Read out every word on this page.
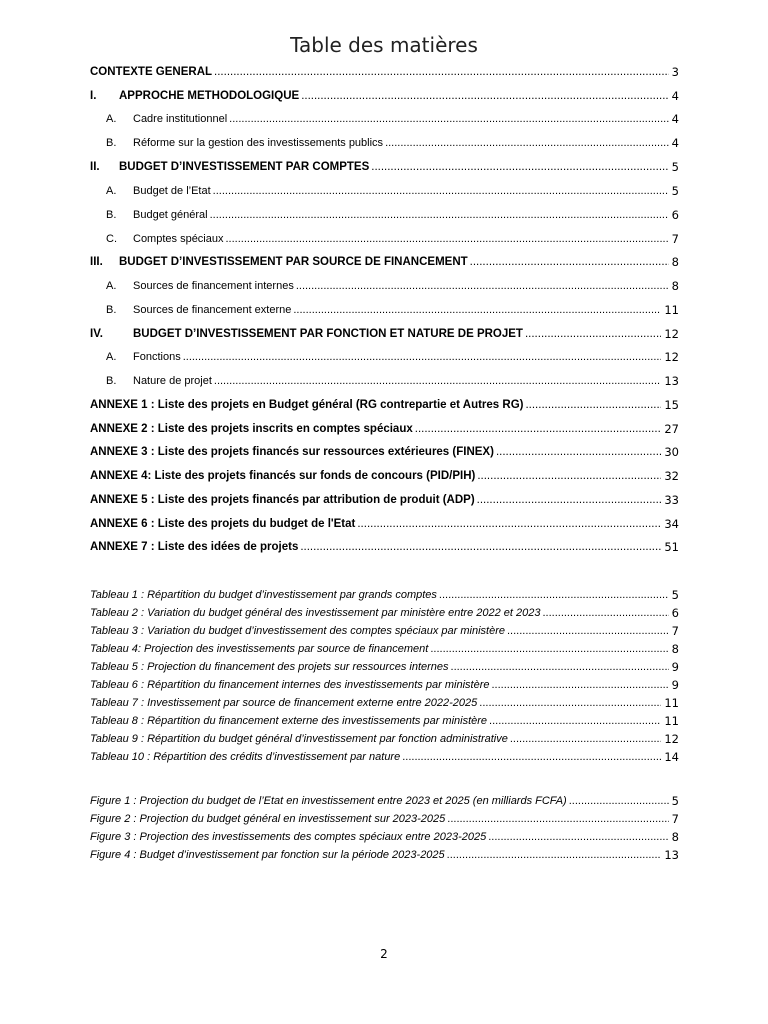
Table des matières
CONTEXTE GENERAL .....	3
I.	APPROCHE METHODOLOGIQUE .....	4
A.	Cadre institutionnel .....	4
B.	Réforme sur la gestion des investissements publics .....	4
II.	BUDGET D’INVESTISSEMENT PAR COMPTES .....	5
A.	Budget de l’Etat .....	5
B.	Budget général .....	6
C.	Comptes spéciaux .....	7
III.	BUDGET D’INVESTISSEMENT PAR SOURCE DE FINANCEMENT .....	8
A.	Sources de financement internes .....	8
B.	Sources de financement externe .....	11
IV.	BUDGET D’INVESTISSEMENT PAR FONCTION ET NATURE DE PROJET .....	12
A.	Fonctions .....	12
B.	Nature de projet .....	13
ANNEXE 1 : Liste des projets en Budget général (RG contrepartie et Autres RG) .....	15
ANNEXE 2 : Liste des projets inscrits en comptes spéciaux .....	27
ANNEXE 3 : Liste des projets financés sur ressources extérieures (FINEX) .....	30
ANNEXE 4: Liste des projets financés sur fonds de concours (PID/PIH) .....	32
ANNEXE 5 : Liste des projets financés par attribution de produit (ADP) .....	33
ANNEXE 6 : Liste des projets du budget de l'Etat .....	34
ANNEXE 7 : Liste des idées de projets .....	51
Tableau 1 : Répartition du budget d’investissement par grands comptes .....	5
Tableau 2 : Variation du budget général des investissement par ministère entre 2022 et 2023 .....	6
Tableau 3 : Variation du budget d’investissement des comptes spéciaux par ministère .....	7
Tableau 4: Projection des investissements par source de financement .....	8
Tableau 5 : Projection du financement des projets sur ressources internes .....	9
Tableau 6 : Répartition du financement internes des investissements par ministère .....	9
Tableau 7 : Investissement par source de financement externe entre 2022-2025 .....	11
Tableau 8 : Répartition du financement externe des investissements par ministère .....	11
Tableau 9 : Répartition du budget général d’investissement par fonction administrative .....	12
Tableau 10 : Répartition des crédits d’investissement par nature .....	14
Figure 1 : Projection du budget de l’Etat en investissement entre 2023 et 2025 (en milliards FCFA) .....	5
Figure 2 : Projection du budget général en investissement sur 2023-2025 .....	7
Figure 3 : Projection des investissements des comptes spéciaux entre 2023-2025 .....	8
Figure 4 : Budget d’investissement par fonction sur la période 2023-2025 .....	13
2
